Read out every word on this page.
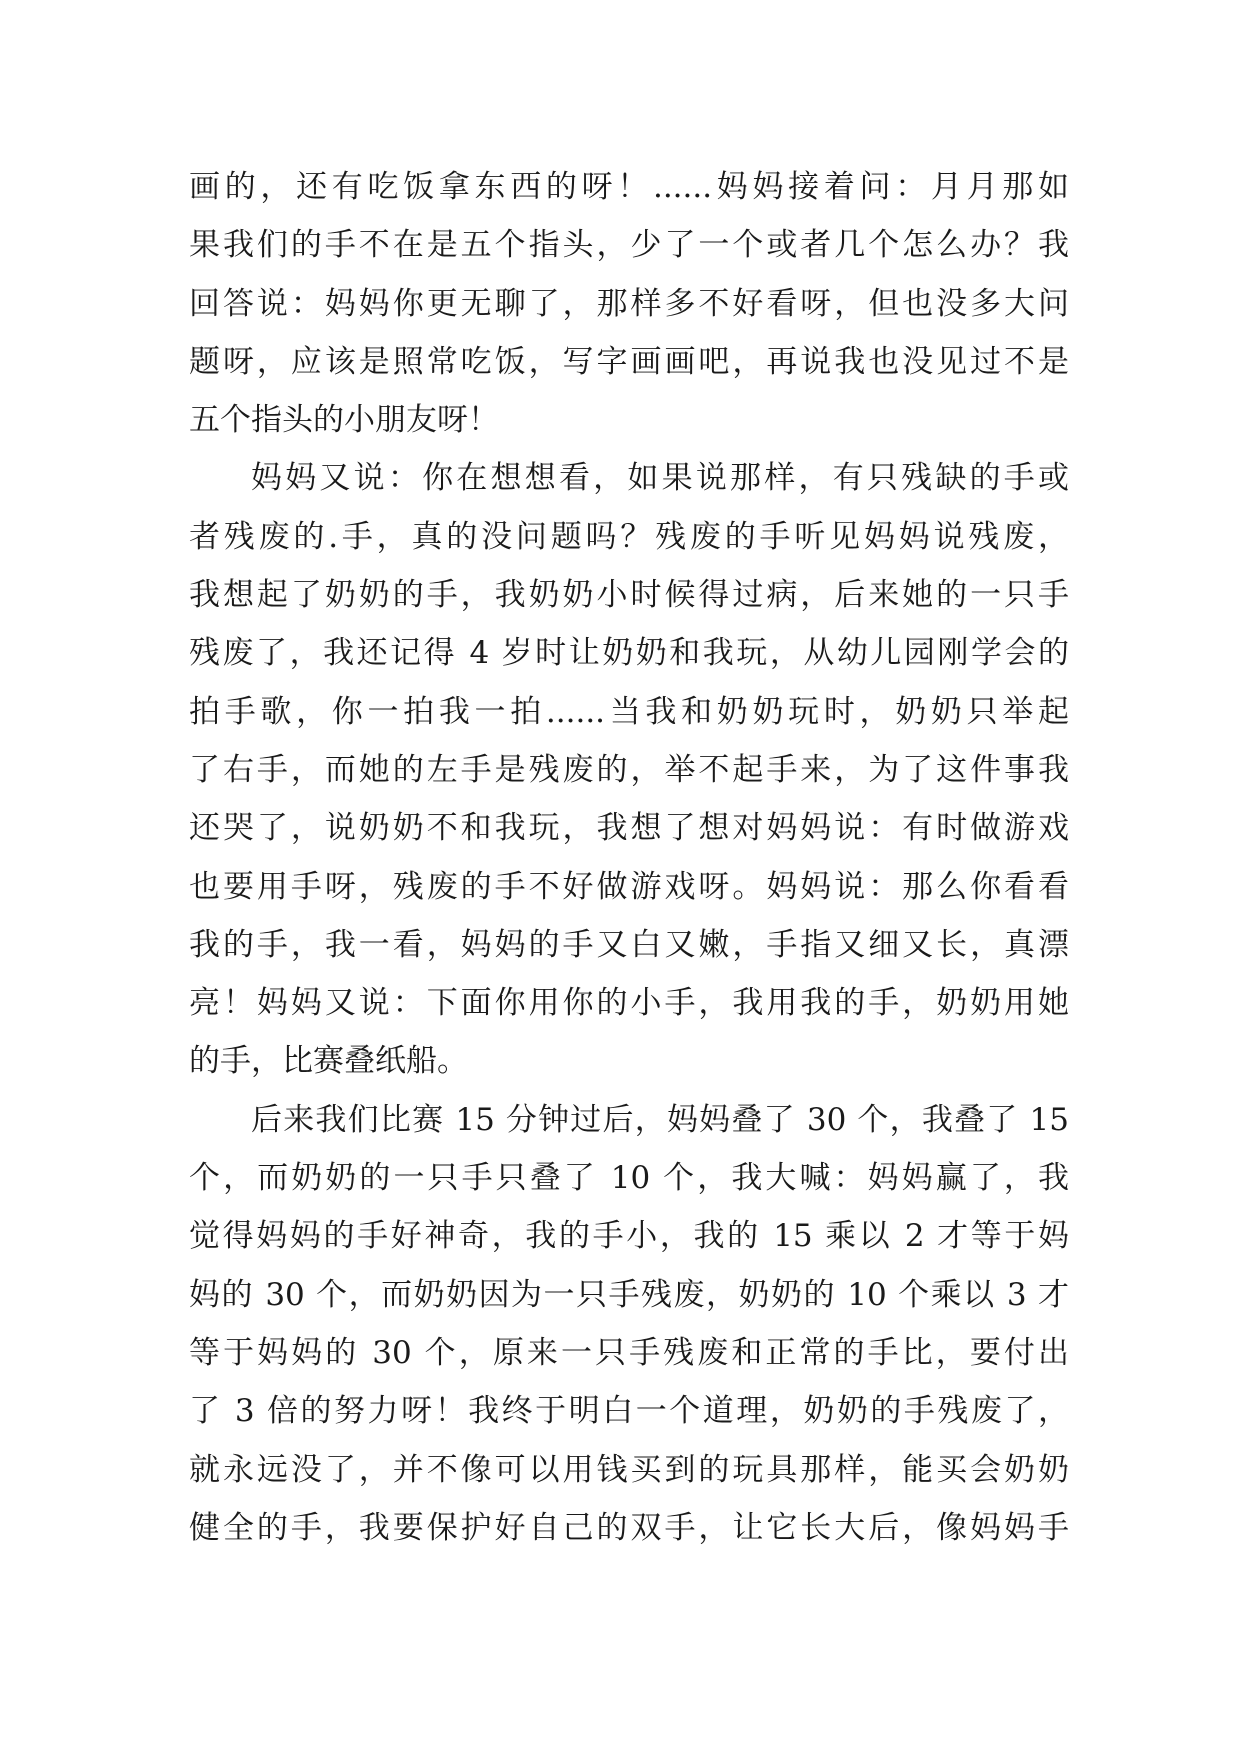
画的，还有吃饭拿东西的呀！......妈妈接着问：月月那如
果我们的手不在是五个指头，少了一个或者几个怎么办？我
回答说：妈妈你更无聊了，那样多不好看呀，但也没多大问
题呀，应该是照常吃饭，写字画画吧，再说我也没见过不是
五个指头的小朋友呀！
妈妈又说：你在想想看，如果说那样，有只残缺的手或
者残废的.手，真的没问题吗？残废的手听见妈妈说残废，
我想起了奶奶的手，我奶奶小时候得过病，后来她的一只手
残废了，我还记得 4 岁时让奶奶和我玩，从幼儿园刚学会的
拍手歌，你一拍我一拍......当我和奶奶玩时，奶奶只举起
了右手，而她的左手是残废的，举不起手来，为了这件事我
还哭了，说奶奶不和我玩，我想了想对妈妈说：有时做游戏
也要用手呀，残废的手不好做游戏呀。妈妈说：那么你看看
我的手，我一看，妈妈的手又白又嫩，手指又细又长，真漂
亮！妈妈又说：下面你用你的小手，我用我的手，奶奶用她
的手，比赛叠纸船。
后来我们比赛 15 分钟过后，妈妈叠了 30 个，我叠了 15
个，而奶奶的一只手只叠了 10 个，我大喊：妈妈赢了，我
觉得妈妈的手好神奇，我的手小，我的 15 乘以 2 才等于妈
妈的 30 个，而奶奶因为一只手残废，奶奶的 10 个乘以 3 才
等于妈妈的 30 个，原来一只手残废和正常的手比，要付出
了 3 倍的努力呀！我终于明白一个道理，奶奶的手残废了，
就永远没了，并不像可以用钱买到的玩具那样，能买会奶奶
健全的手，我要保护好自己的双手，让它长大后，像妈妈手
